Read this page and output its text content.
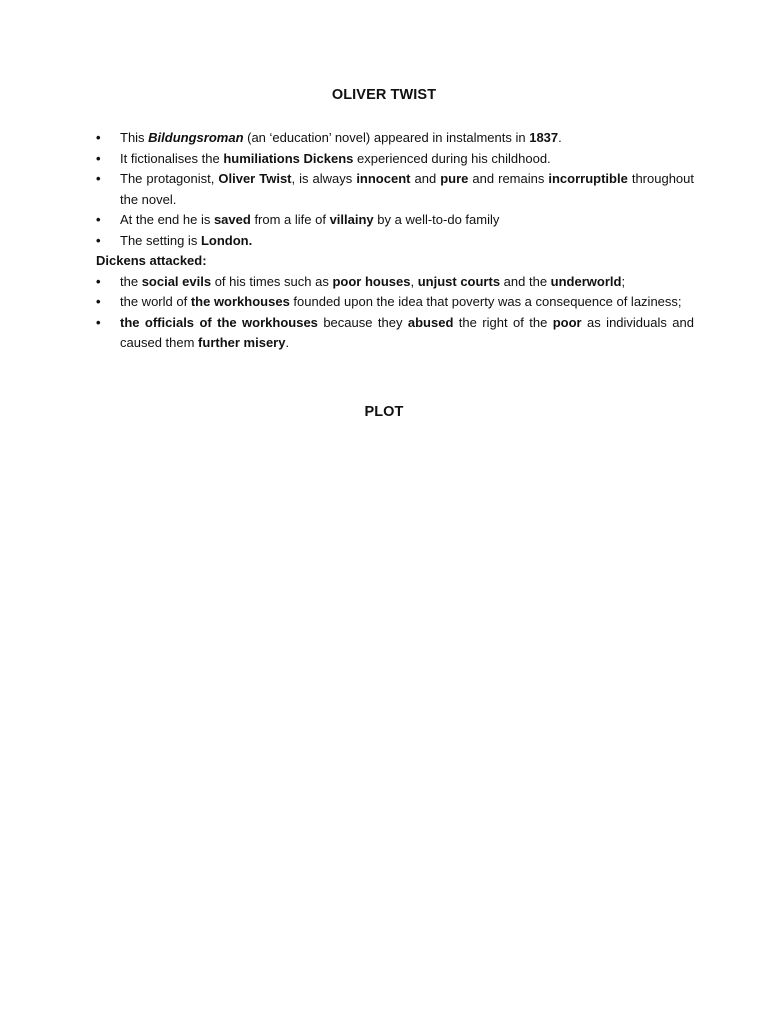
OLIVER TWIST
•	This Bildungsroman (an ‘education’ novel) appeared in instalments in 1837.
•	It fictionalises the humiliations Dickens experienced during his childhood.
•	The protagonist, Oliver Twist, is always innocent and pure and remains incorruptible throughout the novel.
•	At the end he is saved from a life of villainy by a well-to-do family
•	The setting is London.

Dickens attacked:

•	the social evils of his times such as poor houses, unjust courts and the underworld;
•	the world of the workhouses founded upon the idea that poverty was a consequence of laziness;
•	the officials of the workhouses because they abused the right of the poor as individuals and caused them further misery.
PLOT
